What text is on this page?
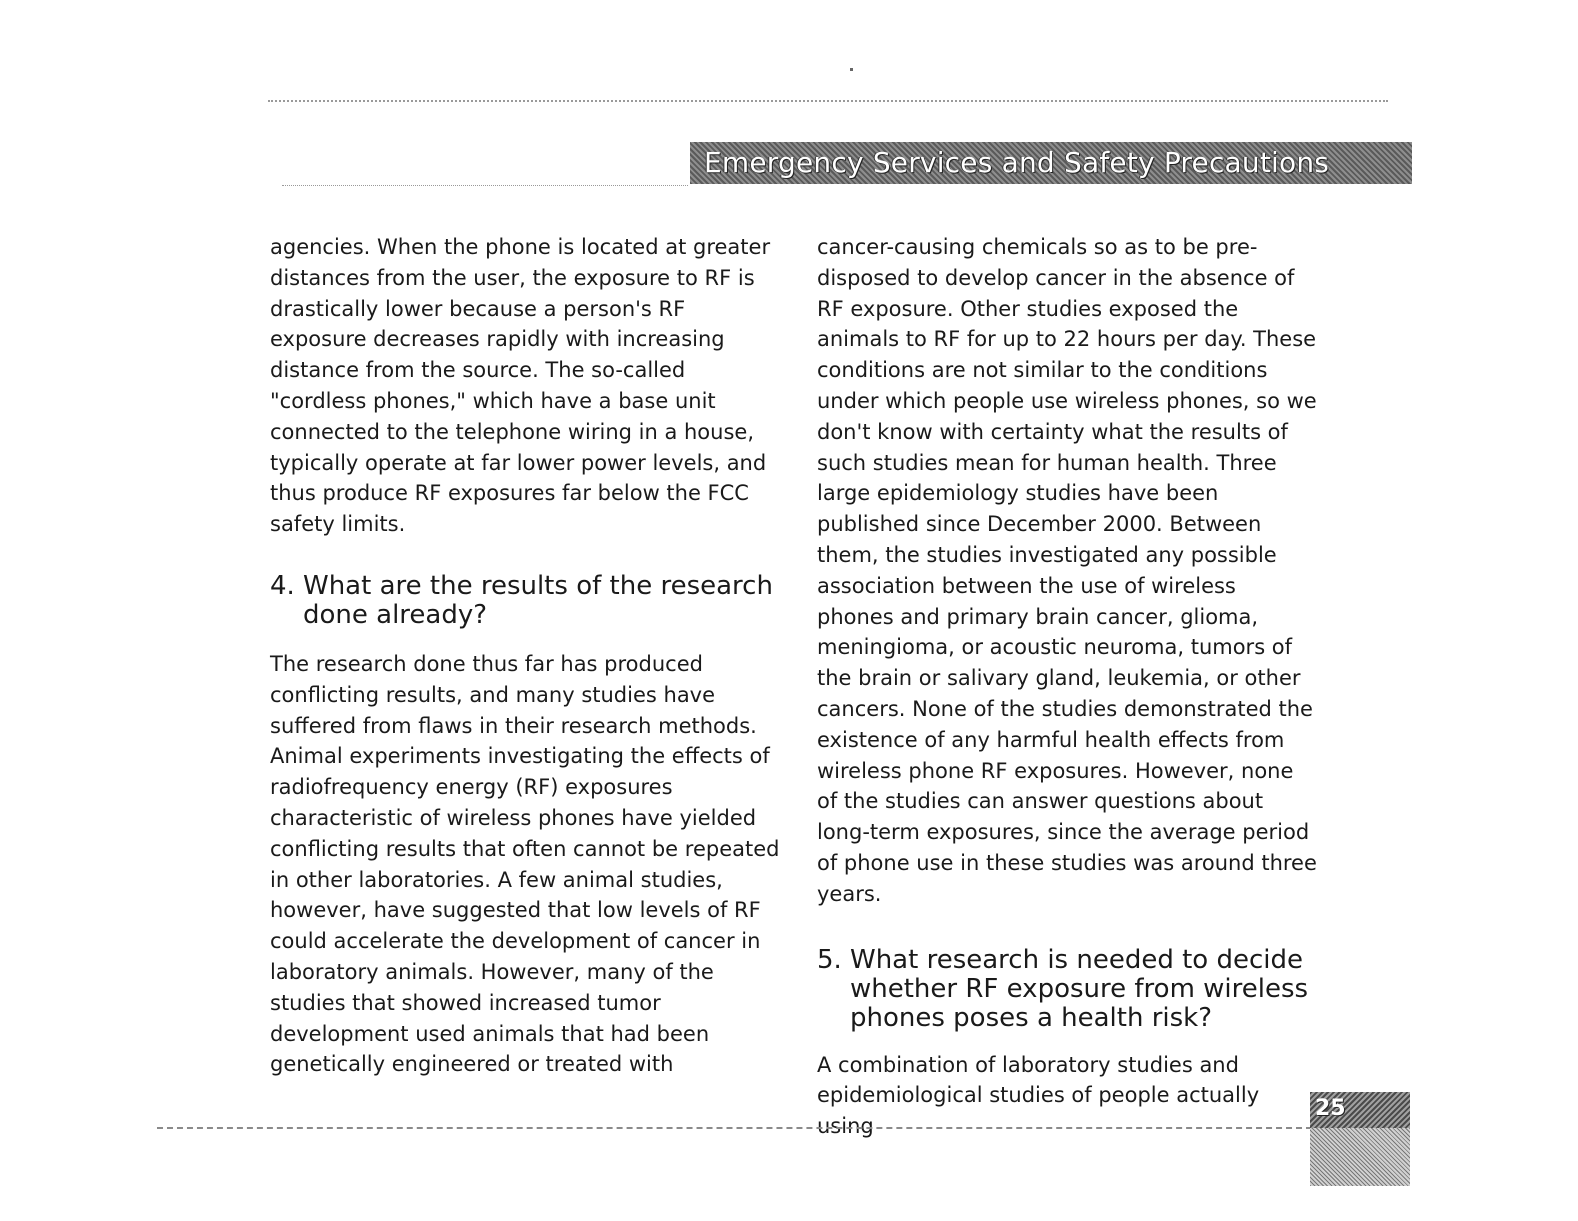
Emergency Services and Safety Precautions

agencies. When the phone is located at greater distances from the user, the exposure to RF is drastically lower because a person's RF exposure decreases rapidly with increasing distance from the source. The so-called "cordless phones," which have a base unit connected to the telephone wiring in a house, typically operate at far lower power levels, and thus produce RF exposures far below the FCC safety limits.

4. What are the results of the research done already?

The research done thus far has produced conflicting results, and many studies have suffered from flaws in their research methods. Animal experiments investigating the effects of radiofrequency energy (RF) exposures characteristic of wireless phones have yielded conflicting results that often cannot be repeated in other laboratories. A few animal studies, however, have suggested that low levels of RF could accelerate the development of cancer in laboratory animals. However, many of the studies that showed increased tumor development used animals that had been genetically engineered or treated with

cancer-causing chemicals so as to be pre-disposed to develop cancer in the absence of RF exposure. Other studies exposed the animals to RF for up to 22 hours per day. These conditions are not similar to the conditions under which people use wireless phones, so we don't know with certainty what the results of such studies mean for human health. Three large epidemiology studies have been published since December 2000. Between them, the studies investigated any possible association between the use of wireless phones and primary brain cancer, glioma, meningioma, or acoustic neuroma, tumors of the brain or salivary gland, leukemia, or other cancers. None of the studies demonstrated the existence of any harmful health effects from wireless phone RF exposures. However, none of the studies can answer questions about long-term exposures, since the average period of phone use in these studies was around three years.

5. What research is needed to decide whether RF exposure from wireless phones poses a health risk?

A combination of laboratory studies and epidemiological studies of people actually using

25
